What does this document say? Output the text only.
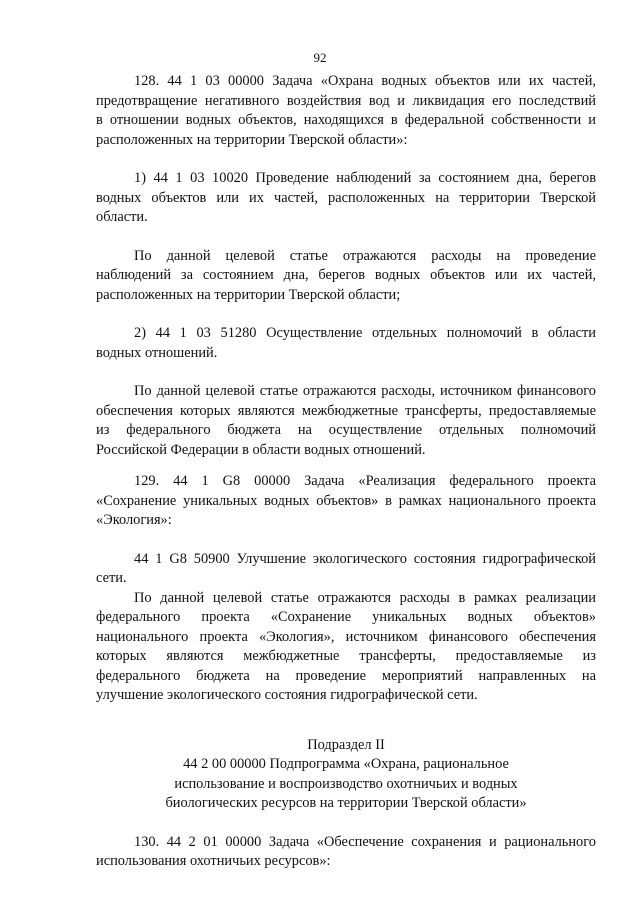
92

128. 44 1 03 00000 Задача «Охрана водных объектов или их частей,

предотвращение негативного воздействия вод и ликвидация его последствий

в отношении водных объектов, находящихся в федеральной собственности и

расположенных на территории Тверской области»:

1) 44 1 03 10020 Проведение наблюдений за состоянием дна, берегов

водных объектов или их частей, расположенных на территории Тверской

области.

По данной целевой статье отражаются расходы на проведение

наблюдений за состоянием дна, берегов водных объектов или их частей,

расположенных на территории Тверской области;

2) 44 1 03 51280 Осуществление отдельных полномочий в области

водных отношений.

По данной целевой статье отражаются расходы, источником финансового

обеспечения которых являются межбюджетные трансферты, предоставляемые

из федерального бюджета на осуществление отдельных полномочий

Российской Федерации в области водных отношений.

129. 44 1 G8 00000 Задача «Реализация федерального проекта

«Сохранение уникальных водных объектов» в рамках национального проекта

«Экология»:

44 1 G8 50900 Улучшение экологического состояния гидрографической

сети.

По данной целевой статье отражаются расходы в рамках реализации

федерального проекта «Сохранение уникальных водных объектов»

национального проекта «Экология», источником финансового обеспечения

которых являются межбюджетные трансферты, предоставляемые из

федерального бюджета на проведение мероприятий направленных на

улучшение экологического состояния гидрографической сети.

Подраздел II

44 2 00 00000 Подпрограмма «Охрана, рациональное

использование и воспроизводство охотничьих и водных

биологических ресурсов на территории Тверской области»

130. 44 2 01 00000 Задача «Обеспечение сохранения и рационального

использования охотничьих ресурсов»:
